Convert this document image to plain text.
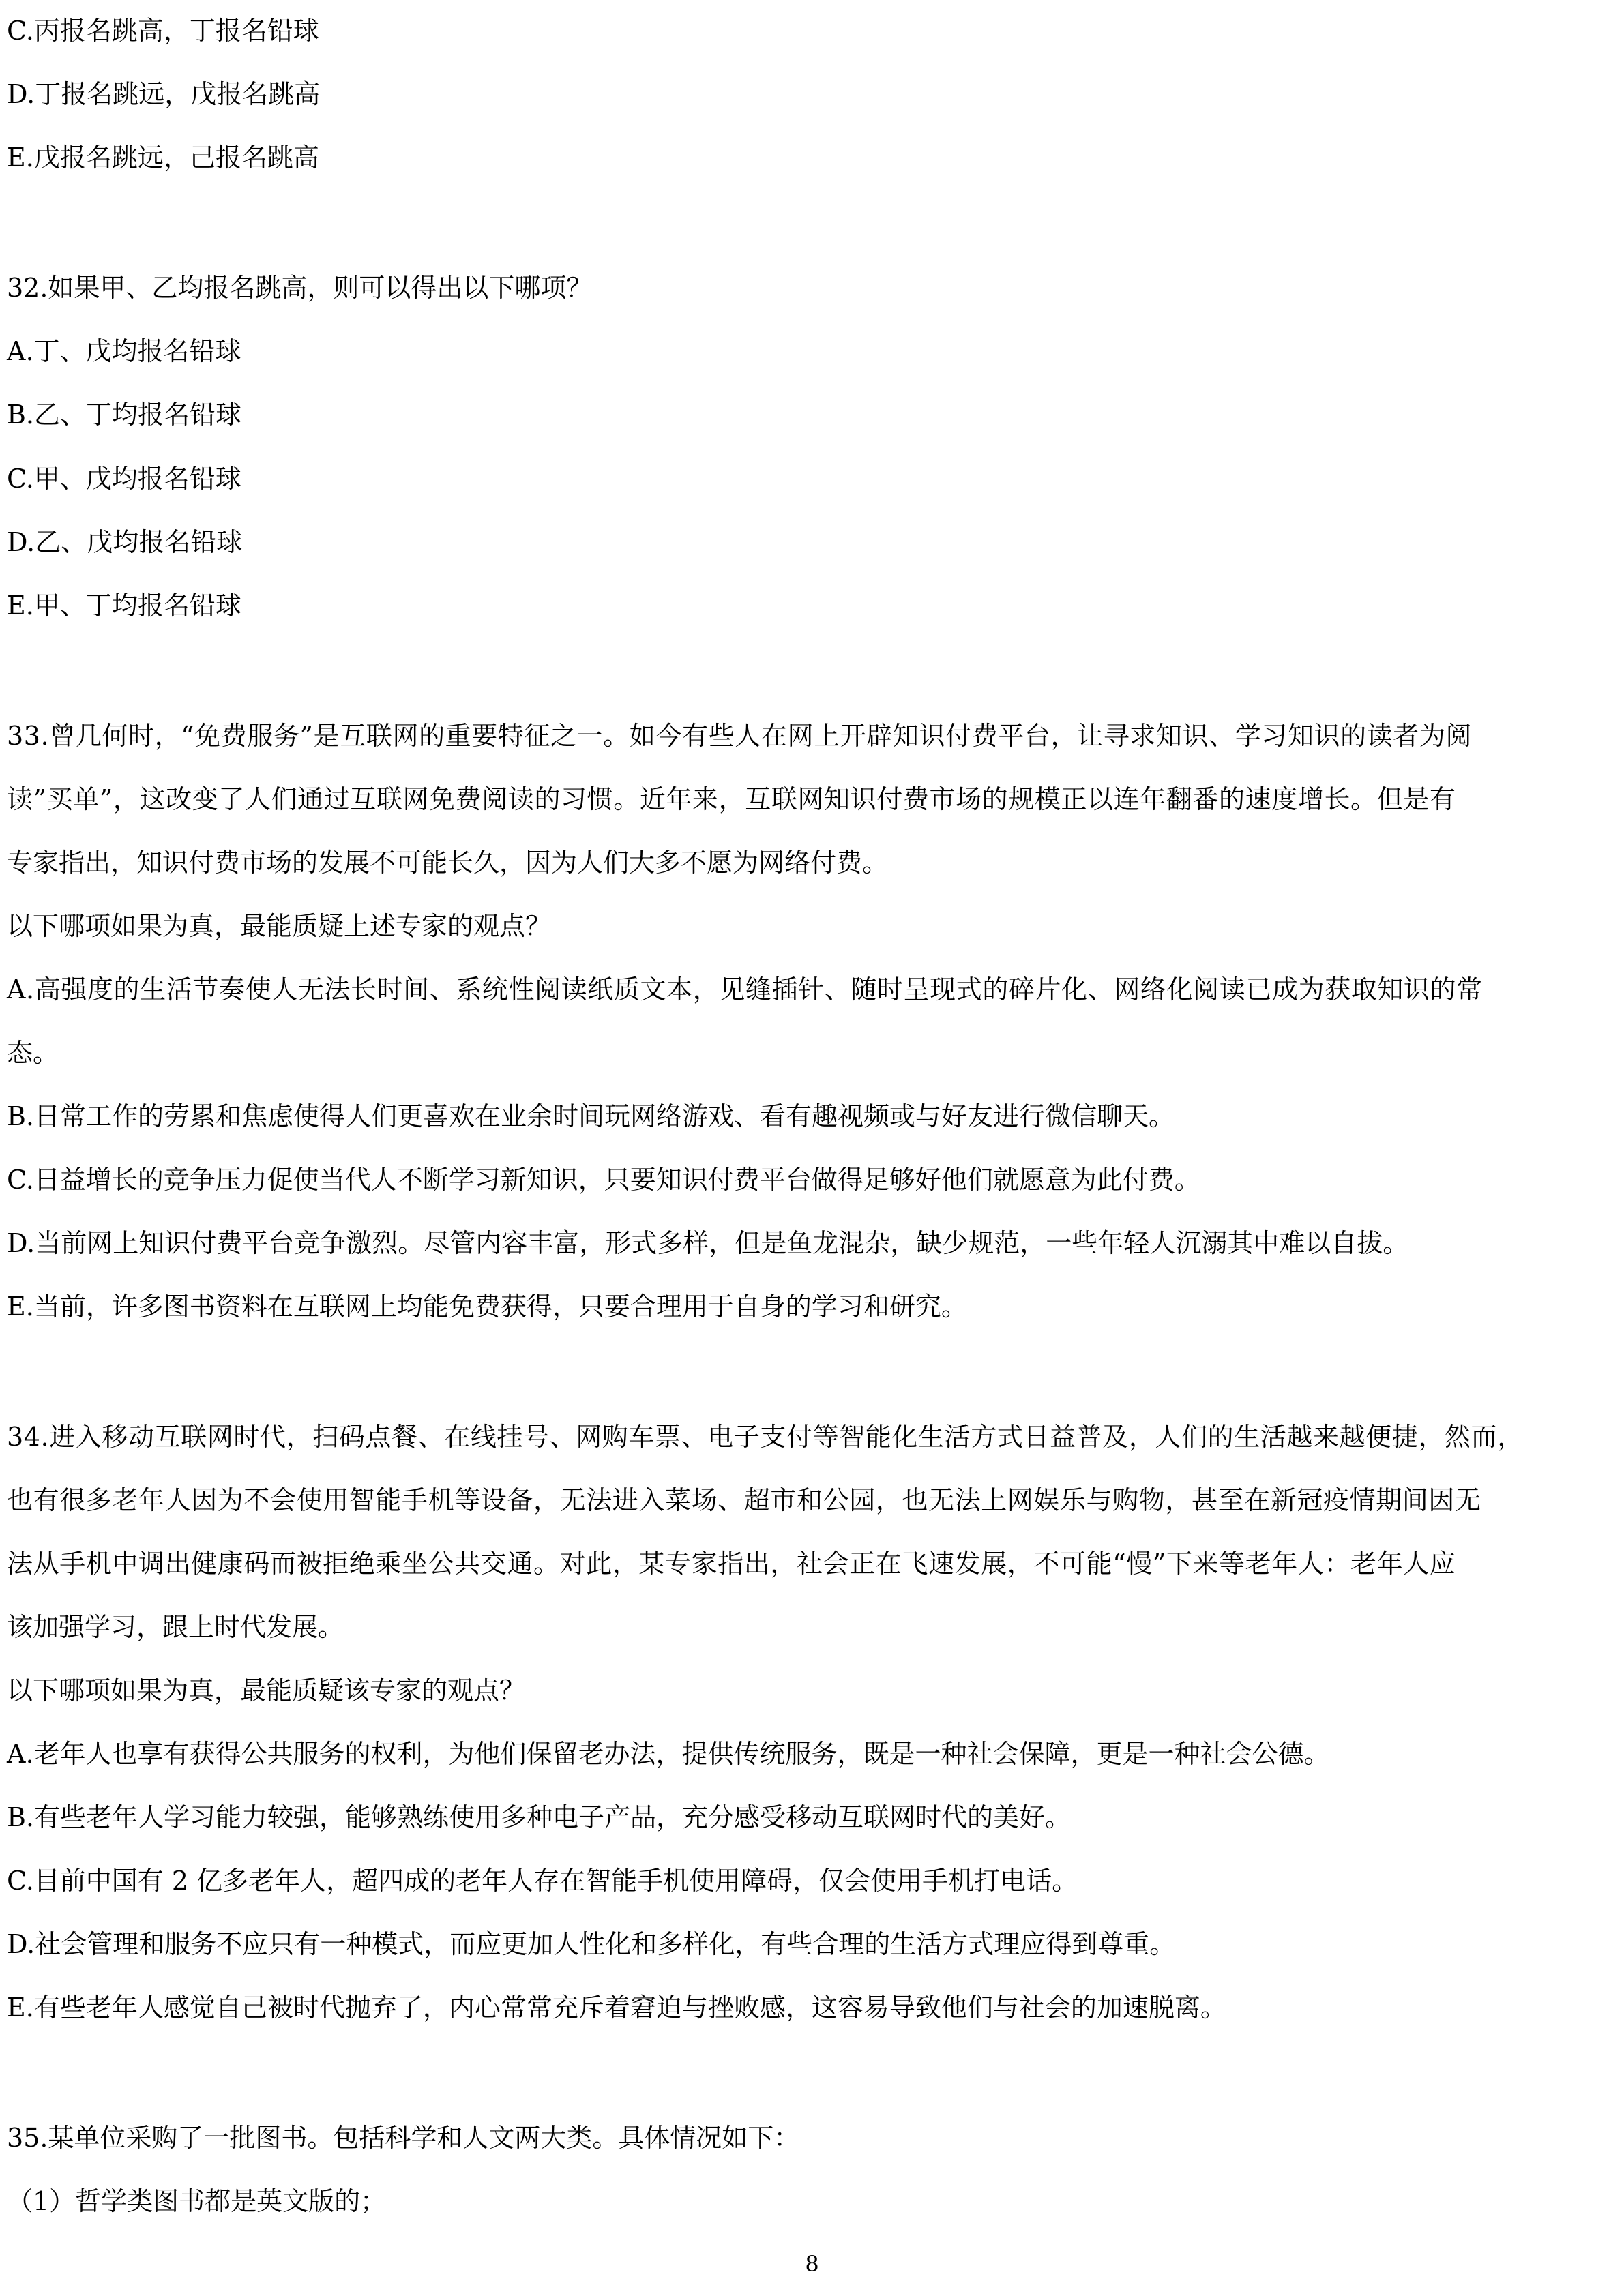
C.丙报名跳高，丁报名铅球
D.丁报名跳远，戊报名跳高
E.戊报名跳远，己报名跳高
32.如果甲、乙均报名跳高，则可以得出以下哪项？
A.丁、戊均报名铅球
B.乙、丁均报名铅球
C.甲、戊均报名铅球
D.乙、戊均报名铅球
E.甲、丁均报名铅球
33.曾几何时，“免费服务”是互联网的重要特征之一。如今有些人在网上开辟知识付费平台，让寻求知识、学习知识的读者为阅
读”买单”，这改变了人们通过互联网免费阅读的习惯。近年来，互联网知识付费市场的规模正以连年翻番的速度增长。但是有
专家指出，知识付费市场的发展不可能长久，因为人们大多不愿为网络付费。
以下哪项如果为真，最能质疑上述专家的观点？
A.高强度的生活节奏使人无法长时间、系统性阅读纸质文本，见缝插针、随时呈现式的碎片化、网络化阅读已成为获取知识的常
态。
B.日常工作的劳累和焦虑使得人们更喜欢在业余时间玩网络游戏、看有趣视频或与好友进行微信聊天。
C.日益增长的竞争压力促使当代人不断学习新知识，只要知识付费平台做得足够好他们就愿意为此付费。
D.当前网上知识付费平台竞争激烈。尽管内容丰富，形式多样，但是鱼龙混杂，缺少规范，一些年轻人沉溺其中难以自拔。
E.当前，许多图书资料在互联网上均能免费获得，只要合理用于自身的学习和研究。
34.进入移动互联网时代，扫码点餐、在线挂号、网购车票、电子支付等智能化生活方式日益普及，人们的生活越来越便捷，然而，
也有很多老年人因为不会使用智能手机等设备，无法进入菜场、超市和公园，也无法上网娱乐与购物，甚至在新冠疫情期间因无
法从手机中调出健康码而被拒绝乘坐公共交通。对此，某专家指出，社会正在飞速发展，不可能“慢”下来等老年人：老年人应
该加强学习，跟上时代发展。
以下哪项如果为真，最能质疑该专家的观点？
A.老年人也享有获得公共服务的权利，为他们保留老办法，提供传统服务，既是一种社会保障，更是一种社会公德。
B.有些老年人学习能力较强，能够熟练使用多种电子产品，充分感受移动互联网时代的美好。
C.目前中国有 2 亿多老年人，超四成的老年人存在智能手机使用障碍，仅会使用手机打电话。
D.社会管理和服务不应只有一种模式，而应更加人性化和多样化，有些合理的生活方式理应得到尊重。
E.有些老年人感觉自己被时代抛弃了，内心常常充斥着窘迫与挫败感，这容易导致他们与社会的加速脱离。
35.某单位采购了一批图书。包括科学和人文两大类。具体情况如下：
（1）哲学类图书都是英文版的；
8
